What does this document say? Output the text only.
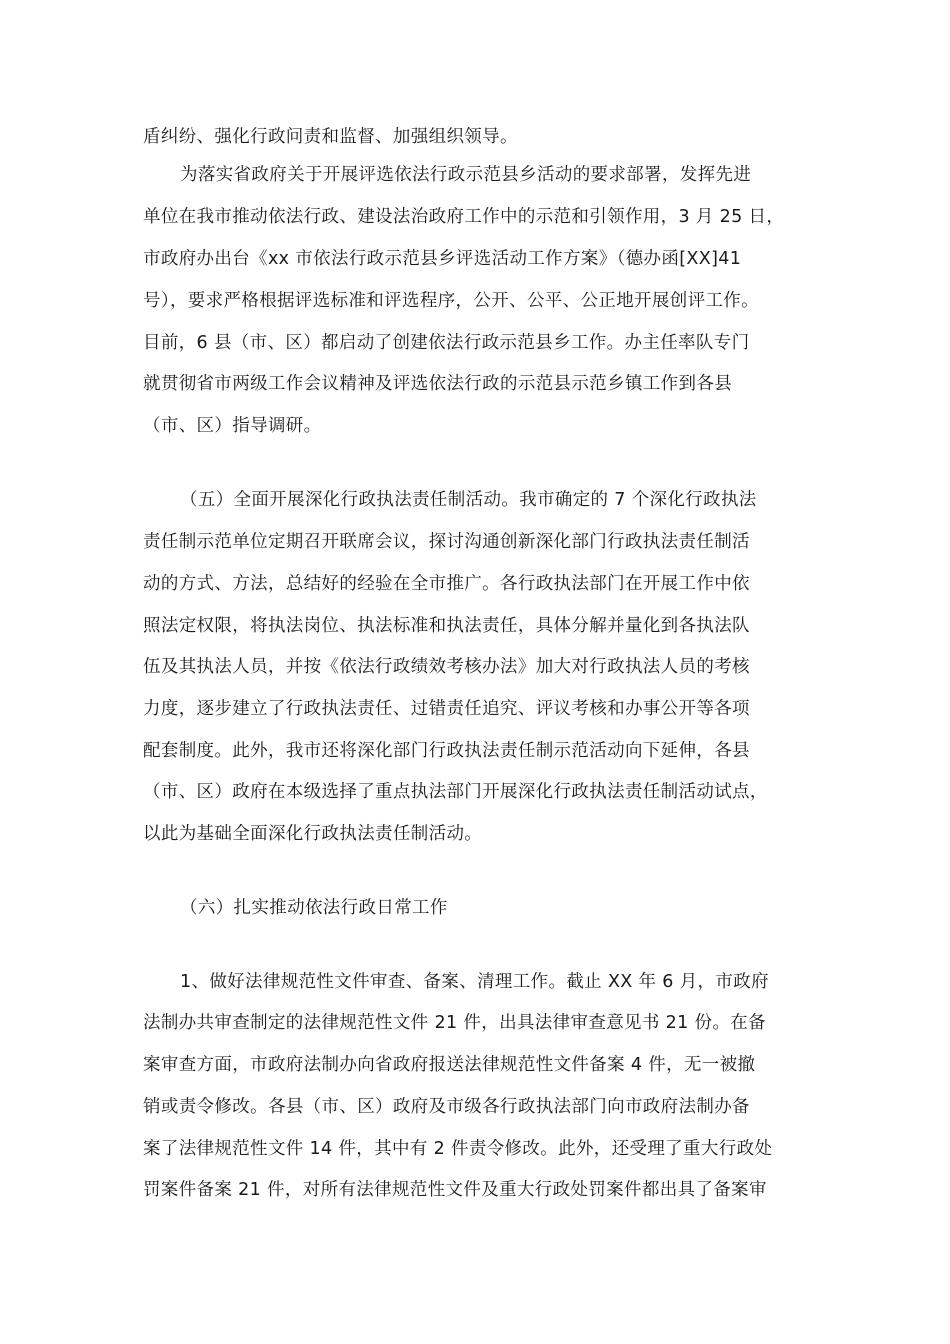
盾纠纷、强化行政问责和监督、加强组织领导。
为落实省政府关于开展评选依法行政示范县乡活动的要求部署，发挥先进
单位在我市推动依法行政、建设法治政府工作中的示范和引领作用，3 月 25 日，
市政府办出台《xx 市依法行政示范县乡评选活动工作方案》（德办函[XX]41
号），要求严格根据评选标准和评选程序，公开、公平、公正地开展创评工作。
目前，6 县（市、区）都启动了创建依法行政示范县乡工作。办主任率队专门
就贯彻省市两级工作会议精神及评选依法行政的示范县示范乡镇工作到各县
（市、区）指导调研。
（五）全面开展深化行政执法责任制活动。我市确定的 7 个深化行政执法
责任制示范单位定期召开联席会议，探讨沟通创新深化部门行政执法责任制活
动的方式、方法，总结好的经验在全市推广。各行政执法部门在开展工作中依
照法定权限，将执法岗位、执法标准和执法责任，具体分解并量化到各执法队
伍及其执法人员，并按《依法行政绩效考核办法》加大对行政执法人员的考核
力度，逐步建立了行政执法责任、过错责任追究、评议考核和办事公开等各项
配套制度。此外，我市还将深化部门行政执法责任制示范活动向下延伸，各县
（市、区）政府在本级选择了重点执法部门开展深化行政执法责任制活动试点，
以此为基础全面深化行政执法责任制活动。
（六）扎实推动依法行政日常工作
1、做好法律规范性文件审查、备案、清理工作。截止 XX 年 6 月，市政府
法制办共审查制定的法律规范性文件 21 件，出具法律审查意见书 21 份。在备
案审查方面，市政府法制办向省政府报送法律规范性文件备案 4 件，无一被撤
销或责令修改。各县（市、区）政府及市级各行政执法部门向市政府法制办备
案了法律规范性文件 14 件，其中有 2 件责令修改。此外，还受理了重大行政处
罚案件备案 21 件，对所有法律规范性文件及重大行政处罚案件都出具了备案审
